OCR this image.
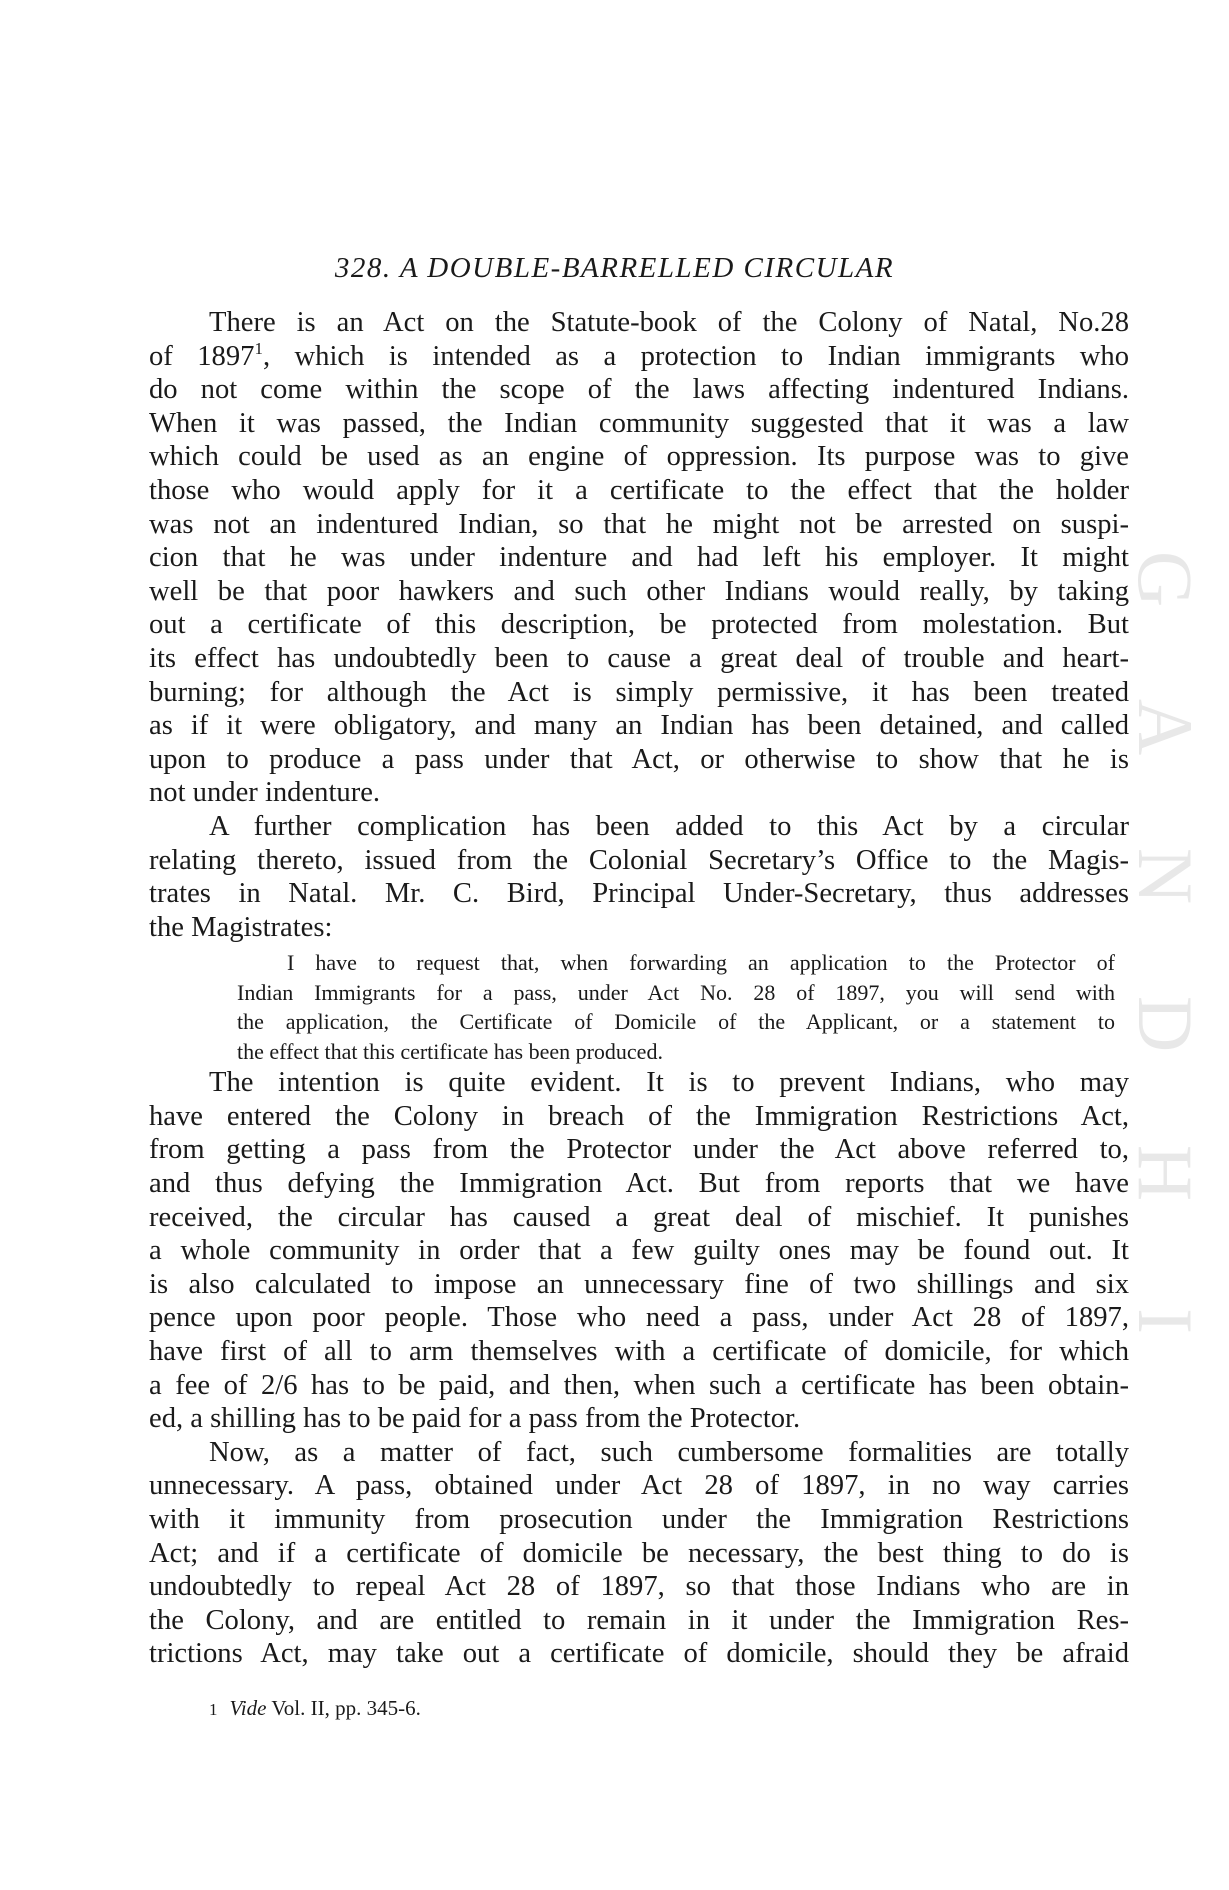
G
A
N
D
H
I
328. A DOUBLE-BARRELLED CIRCULAR
There is an Act on the Statute-book of the Colony of Natal, No.28
of 1897$^1$, which is intended as a protection to Indian immigrants who
do not come within the scope of the laws affecting indentured Indians.
When it was passed, the Indian community suggested that it was a law
which could be used as an engine of oppression. Its purpose was to give
those who would apply for it a certificate to the effect that the holder
was not an indentured Indian, so that he might not be arrested on suspi-
cion that he was under indenture and had left his employer. It might
well be that poor hawkers and such other Indians would really, by taking
out a certificate of this description, be protected from molestation. But
its effect has undoubtedly been to cause a great deal of trouble and heart-
burning; for although the Act is simply permissive, it has been treated
as if it were obligatory, and many an Indian has been detained, and called
upon to produce a pass under that Act, or otherwise to show that he is
not under indenture.
A further complication has been added to this Act by a circular
relating thereto, issued from the Colonial Secretary’s Office to the Magis-
trates in Natal. Mr. C. Bird, Principal Under-Secretary, thus addresses
the Magistrates:
I have to request that, when forwarding an application to the Protector of
Indian Immigrants for a pass, under Act No. 28 of 1897, you will send with
the application, the Certificate of Domicile of the Applicant, or a statement to
the effect that this certificate has been produced.
The intention is quite evident. It is to prevent Indians, who may
have entered the Colony in breach of the Immigration Restrictions Act,
from getting a pass from the Protector under the Act above referred to,
and thus defying the Immigration Act. But from reports that we have
received, the circular has caused a great deal of mischief. It punishes
a whole community in order that a few guilty ones may be found out. It
is also calculated to impose an unnecessary fine of two shillings and six
pence upon poor people. Those who need a pass, under Act 28 of 1897,
have first of all to arm themselves with a certificate of domicile, for which
a fee of 2/6 has to be paid, and then, when such a certificate has been obtain-
ed, a shilling has to be paid for a pass from the Protector.
Now, as a matter of fact, such cumbersome formalities are totally
unnecessary. A pass, obtained under Act 28 of 1897, in no way carries
with it immunity from prosecution under the Immigration Restrictions
Act; and if a certificate of domicile be necessary, the best thing to do is
undoubtedly to repeal Act 28 of 1897, so that those Indians who are in
the Colony, and are entitled to remain in it under the Immigration Res-
trictions Act, may take out a certificate of domicile, should they be afraid
1 Vide Vol. II, pp. 345-6.
